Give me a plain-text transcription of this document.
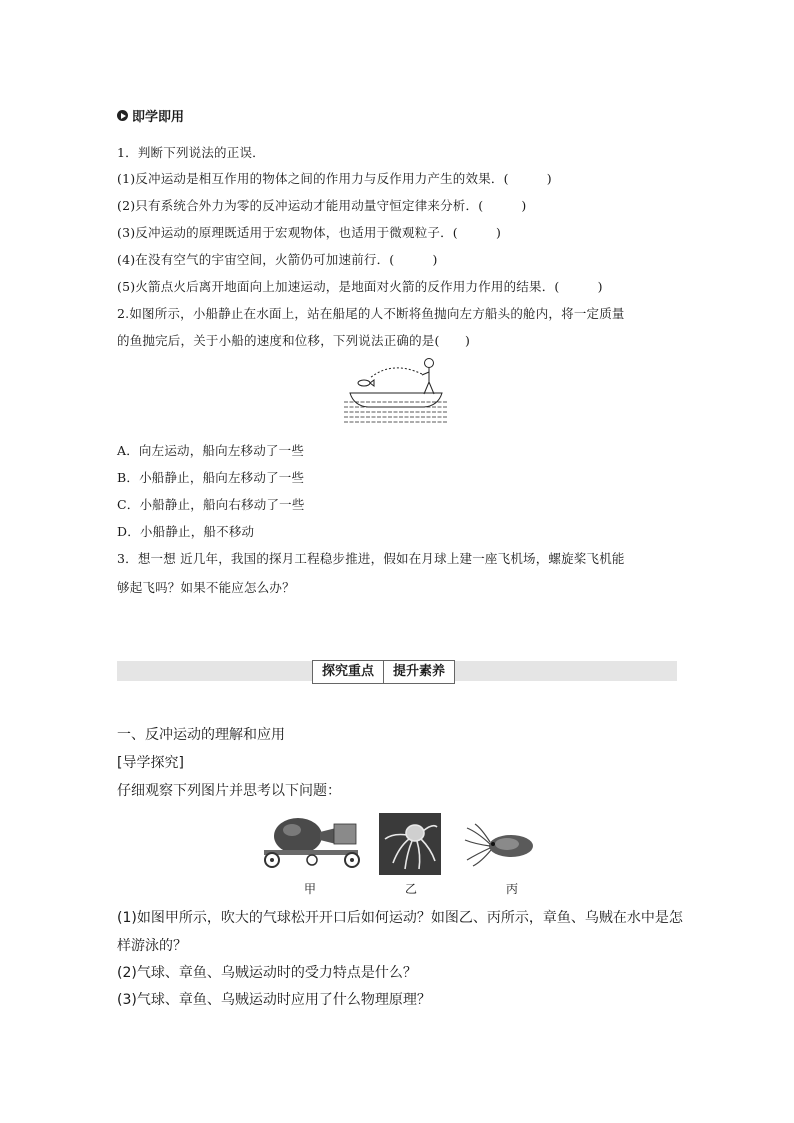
即学即用
1．判断下列说法的正误．
(1)反冲运动是相互作用的物体之间的作用力与反作用力产生的效果．(　　　)
(2)只有系统合外力为零的反冲运动才能用动量守恒定律来分析．(　　　)
(3)反冲运动的原理既适用于宏观物体，也适用于微观粒子．(　　　)
(4)在没有空气的宇宙空间，火箭仍可加速前行．(　　　)
(5)火箭点火后离开地面向上加速运动，是地面对火箭的反作用力作用的结果．(　　　)
2.如图所示，小船静止在水面上，站在船尾的人不断将鱼抛向左方船头的舱内，将一定质量
的鱼抛完后，关于小船的速度和位移，下列说法正确的是(　　)
A．向左运动，船向左移动了一些
B．小船静止，船向左移动了一些
C．小船静止，船向右移动了一些
D．小船静止，船不移动
3．想一想 近几年，我国的探月工程稳步推进，假如在月球上建一座飞机场，螺旋桨飞机能
够起飞吗？如果不能应怎么办？
探究重点	提升素养
一、反冲运动的理解和应用
[导学探究]
仔细观察下列图片并思考以下问题：
甲	乙	丙
(1)如图甲所示，吹大的气球松开开口后如何运动？如图乙、丙所示，章鱼、乌贼在水中是怎
样游泳的？
(2)气球、章鱼、乌贼运动时的受力特点是什么？
(3)气球、章鱼、乌贼运动时应用了什么物理原理？
